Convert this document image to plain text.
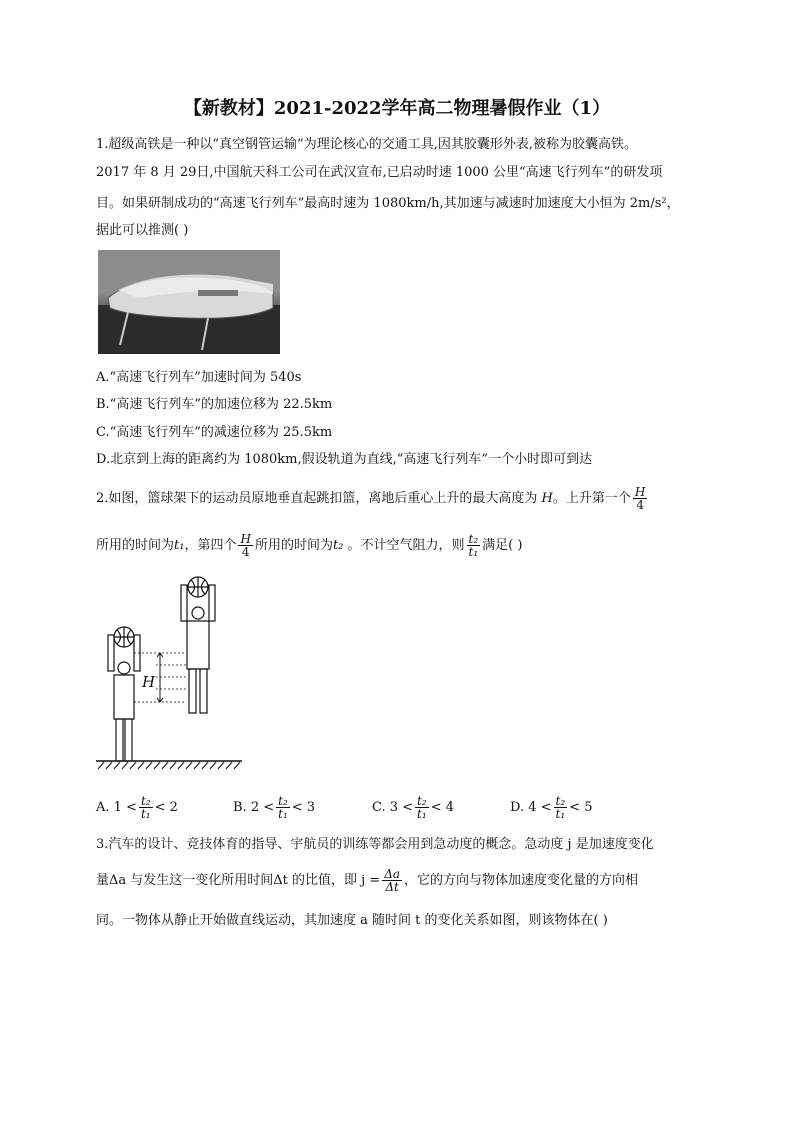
【新教材】2021-2022学年高二物理暑假作业（1）
1.超级高铁是一种以“真空钢管运输”为理论核心的交通工具,因其胶囊形外表,被称为胶囊高铁。
2017 年 8 月 29日,中国航天科工公司在武汉宣布,已启动时速 1000 公里“高速飞行列车”的研发项
目。如果研制成功的“高速飞行列车”最高时速为 1080km/h,其加速与减速时加速度大小恒为 2m/s²，
据此可以推测( )
A.“高速飞行列车”加速时间为 540s
B.“高速飞行列车”的加速位移为 22.5km
C.“高速飞行列车”的减速位移为 25.5km
D.北京到上海的距离约为 1080km,假设轨道为直线,“高速飞行列车”一个小时即可到达
2.如图，篮球架下的运动员原地垂直起跳扣篮，离地后重心上升的最大高度为 H。上升第一个 $\frac{H}{4}$
所用的时间为t₁，第四个 $\frac{H}{4}$ 所用的时间为t₂ 。不计空气阻力，则 $\frac{\text{t₂}}{\text{t₁}}$ 满足( )
H
A. $1 < \frac{\text{t₂}}{\text{t₁}} < 2$	B. $2 < \frac{\text{t₂}}{\text{t₁}} < 3$	C. $3 < \frac{\text{t₂}}{\text{t₁}} < 4$	D. $4 < \frac{\text{t₂}}{\text{t₁}} < 5$
3.汽车的设计、竞技体育的指导、宇航员的训练等都会用到急动度的概念。急动度 j 是加速度变化
量Δa 与发生这一变化所用时间Δt 的比值，即 $j = \frac{\Delta a}{\Delta t}$ ，它的方向与物体加速度变化量的方向相
同。一物体从静止开始做直线运动，其加速度 a 随时间 t 的变化关系如图，则该物体在( )
